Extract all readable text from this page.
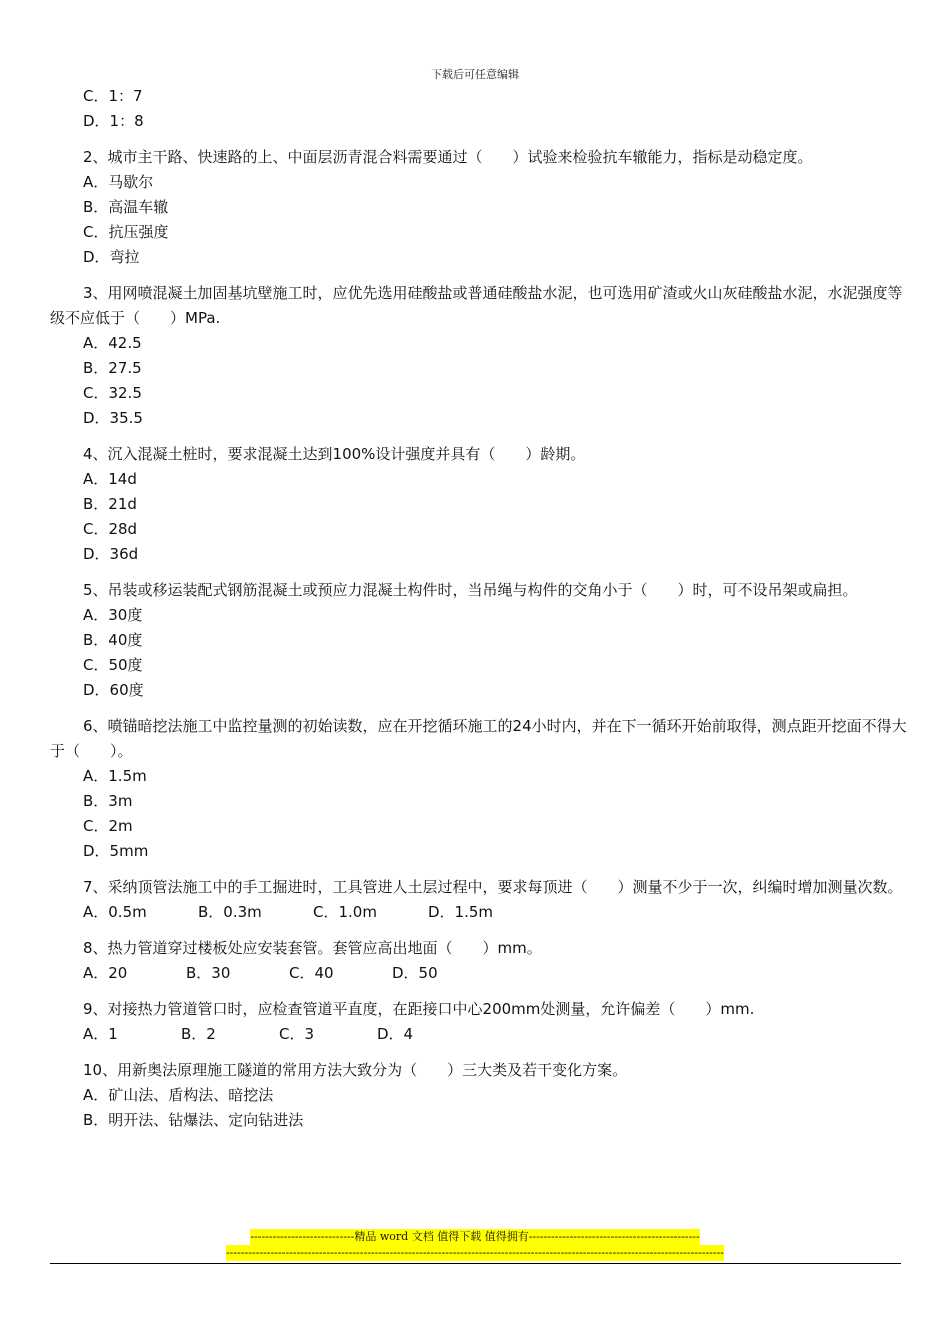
下载后可任意编辑
C．1：7
D．1：8

2、城市主干路、快速路的上、中面层沥青混合料需要通过（　　）试验来检验抗车辙能力，指标是动稳定度。

A．马歇尔
B．高温车辙
C．抗压强度
D．弯拉

3、用网喷混凝土加固基坑壁施工时，应优先选用硅酸盐或普通硅酸盐水泥，也可选用矿渣或火山灰硅酸盐水泥，水泥强度等级不应低于（　　）MPa.

A．42.5
B．27.5
C．32.5
D．35.5

4、沉入混凝土桩时，要求混凝土达到100%设计强度并具有（　　）龄期。

A．14d
B．21d
C．28d
D．36d

5、吊装或移运装配式钢筋混凝土或预应力混凝土构件时，当吊绳与构件的交角小于（　　）时，可不设吊架或扁担。

A．30度
B．40度
C．50度
D．60度

6、喷锚暗挖法施工中监控量测的初始读数，应在开挖循环施工的24小时内，并在下一循环开始前取得，测点距开挖面不得大于（　　）。

A．1.5m
B．3m
C．2m
D．5mm

7、采纳顶管法施工中的手工掘进时，工具管进人土层过程中，要求每顶进（　　）测量不少于一次，纠编时增加测量次数。

A．0.5m	B．0.3m	C．1.0m	D．1.5m

8、热力管道穿过楼板处应安装套管。套管应高出地面（　　）mm。

A．20	B．30	C．40	D．50

9、对接热力管道管口时，应检查管道平直度，在距接口中心200mm处测量，允许偏差（　　）mm.

A．1	B．2	C．3	D．4

10、用新奥法原理施工隧道的常用方法大致分为（　　）三大类及若干变化方案。

A．矿山法、盾构法、暗挖法
B．明开法、钻爆法、定向钻进法
----------------------------精品 word 文档 值得下载 值得拥有----------------------------------------------
--------------------------------------------------------------------------------------------------------------------------------------
